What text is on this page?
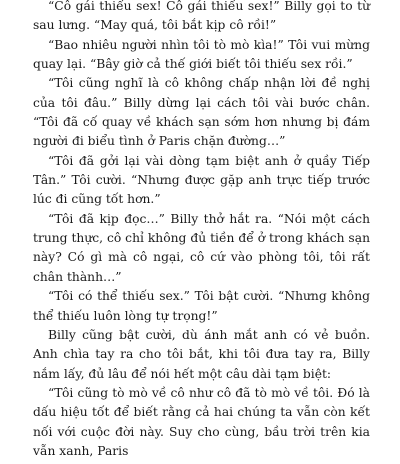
“Cô gái thiếu sex! Cô gái thiếu sex!” Billy gọi to từ sau lưng. “May quá, tôi bắt kịp cô rồi!”

“Bao nhiêu người nhìn tôi tò mò kìa!” Tôi vui mừng quay lại. “Bây giờ cả thế giới biết tôi thiếu sex rồi.”

“Tôi cũng nghĩ là cô không chấp nhận lời đề nghị của tôi đâu.” Billy dừng lại cách tôi vài bước chân. “Tôi đã cố quay về khách sạn sớm hơn nhưng bị đám người đi biểu tình ở Paris chặn đường…”

“Tôi đã gởi lại vài dòng tạm biệt anh ở quầy Tiếp Tân.” Tôi cười. “Nhưng được gặp anh trực tiếp trước lúc đi cũng tốt hơn.”

“Tôi đã kịp đọc…” Billy thở hắt ra. “Nói một cách trung thực, cô chỉ không đủ tiền để ở trong khách sạn này? Có gì mà cô ngại, cô cứ vào phòng tôi, tôi rất chân thành…”

“Tôi có thể thiếu sex.” Tôi bật cười. “Nhưng không thể thiếu luôn lòng tự trọng!”

Billy cũng bật cười, dù ánh mắt anh có vẻ buồn. Anh chìa tay ra cho tôi bắt, khi tôi đưa tay ra, Billy nắm lấy, đủ lâu để nói hết một câu dài tạm biệt:

“Tôi cũng tò mò về cô như cô đã tò mò về tôi. Đó là dấu hiệu tốt để biết rằng cả hai chúng ta vẫn còn kết nối với cuộc đời này. Suy cho cùng, bầu trời trên kia vẫn xanh, Paris
